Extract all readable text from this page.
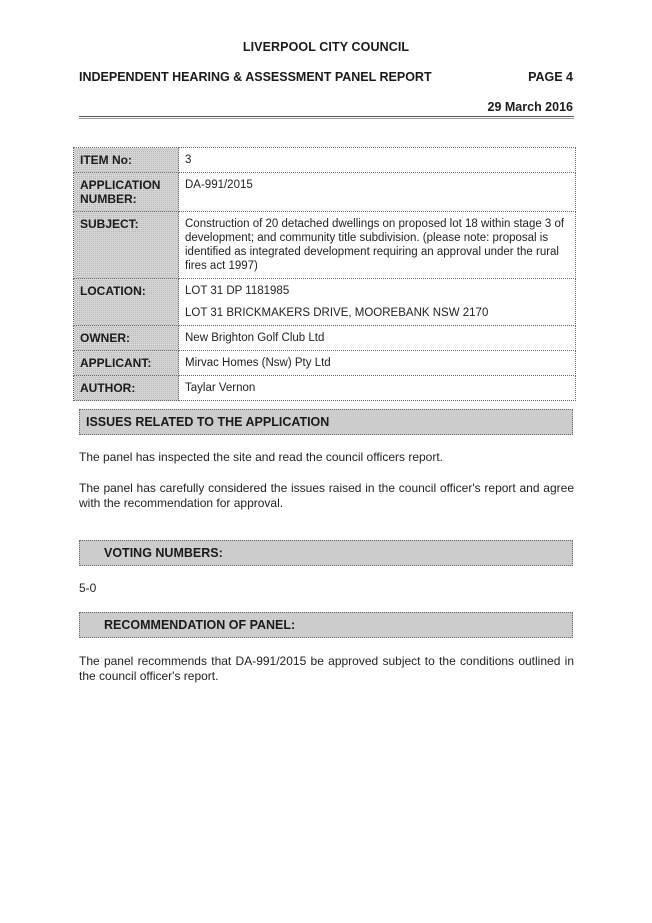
LIVERPOOL CITY COUNCIL
INDEPENDENT HEARING & ASSESSMENT PANEL REPORT	PAGE 4
29 March 2016
ITEM No:	3
APPLICATION NUMBER:	DA-991/2015
SUBJECT:	Construction of 20 detached dwellings on proposed lot 18 within stage 3 of development; and community title subdivision. (please note: proposal is identified as integrated development requiring an approval under the rural fires act 1997)
LOCATION:	LOT 31 DP 1181985

LOT 31 BRICKMAKERS DRIVE, MOOREBANK NSW 2170

OWNER:	New Brighton Golf Club Ltd
APPLICANT:	Mirvac Homes (Nsw) Pty Ltd
AUTHOR:	Taylar Vernon
ISSUES RELATED TO THE APPLICATION
The panel has inspected the site and read the council officers report.
The panel has carefully considered the issues raised in the council officer's report and agree with the recommendation for approval.
VOTING NUMBERS:
5-0
RECOMMENDATION OF PANEL:
The panel recommends that DA-991/2015 be approved subject to the conditions outlined in the council officer's report.
